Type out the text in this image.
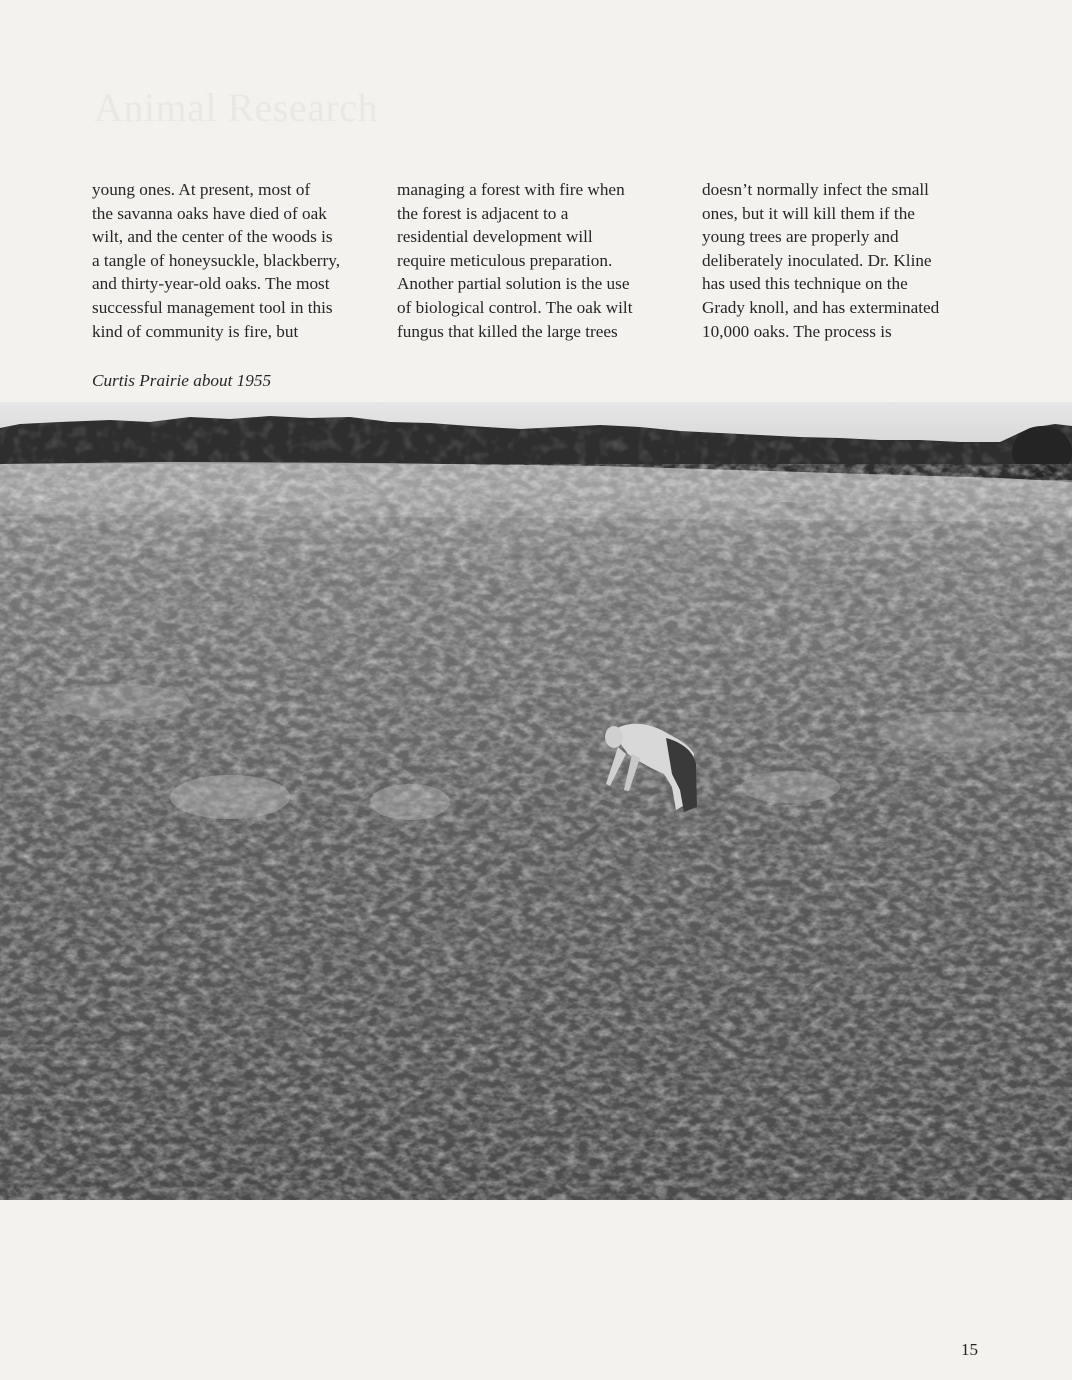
Animal Research

young ones. At present, most of
the savanna oaks have died of oak
wilt, and the center of the woods is
a tangle of honeysuckle, blackberry,
and thirty-year-old oaks. The most
successful management tool in this
kind of community is fire, but

managing a forest with fire when
the forest is adjacent to a
residential development will
require meticulous preparation.
Another partial solution is the use
of biological control. The oak wilt
fungus that killed the large trees

doesn’t normally infect the small
ones, but it will kill them if the
young trees are properly and
deliberately inoculated. Dr. Kline
has used this technique on the
Grady knoll, and has exterminated
10,000 oaks. The process is

Curtis Prairie about 1955
15
